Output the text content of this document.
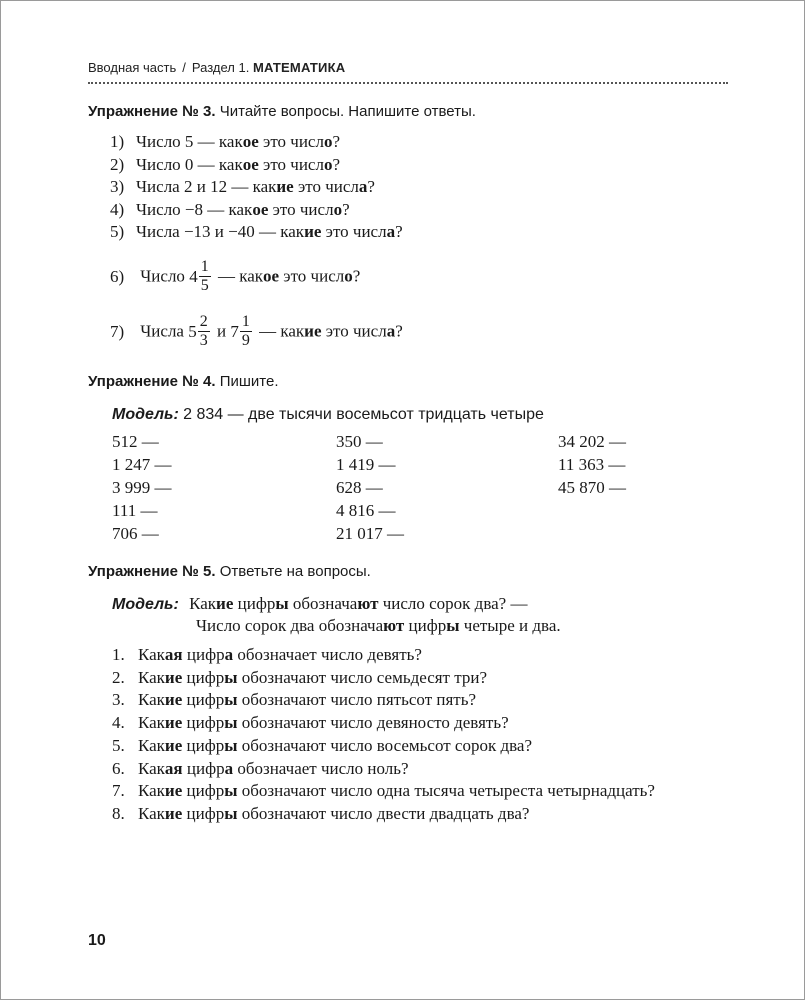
Вводная часть / Раздел 1. МАТЕМАТИКА
Упражнение № 3. Читайте вопросы. Напишите ответы.
1) Число 5 — какое это число?
2) Число 0 — какое это число?
3) Числа 2 и 12 — какие это числа?
4) Число −8 — какое это число?
5) Числа −13 и −40 — какие это числа?
6) Число $4 \frac{1}{5}$ — какое это число?
7) Числа $5 \frac{2}{3}$ и $7 \frac{1}{9}$ — какие это числа?
Упражнение № 4. Пишите.
Модель: 2 834 — две тысячи восемьсот тридцать четыре
512 —
1 247 —
3 999 —
111 —
706 —
350 —
1 419 —
628 —
4 816 —
21 017 —
34 202 —
11 363 —
45 870 —
Упражнение № 5. Ответьте на вопросы.
Модель: Какие цифры обозначают число сорок два? —
Число сорок два обозначают цифры четыре и два.
1. Какая цифра обозначает число девять?
2. Какие цифры обозначают число семьдесят три?
3. Какие цифры обозначают число пятьсот пять?
4. Какие цифры обозначают число девяносто девять?
5. Какие цифры обозначают число восемьсот сорок два?
6. Какая цифра обозначает число ноль?
7. Какие цифры обозначают число одна тысяча четыреста четырнадцать?
8. Какие цифры обозначают число двести двадцать два?
10
